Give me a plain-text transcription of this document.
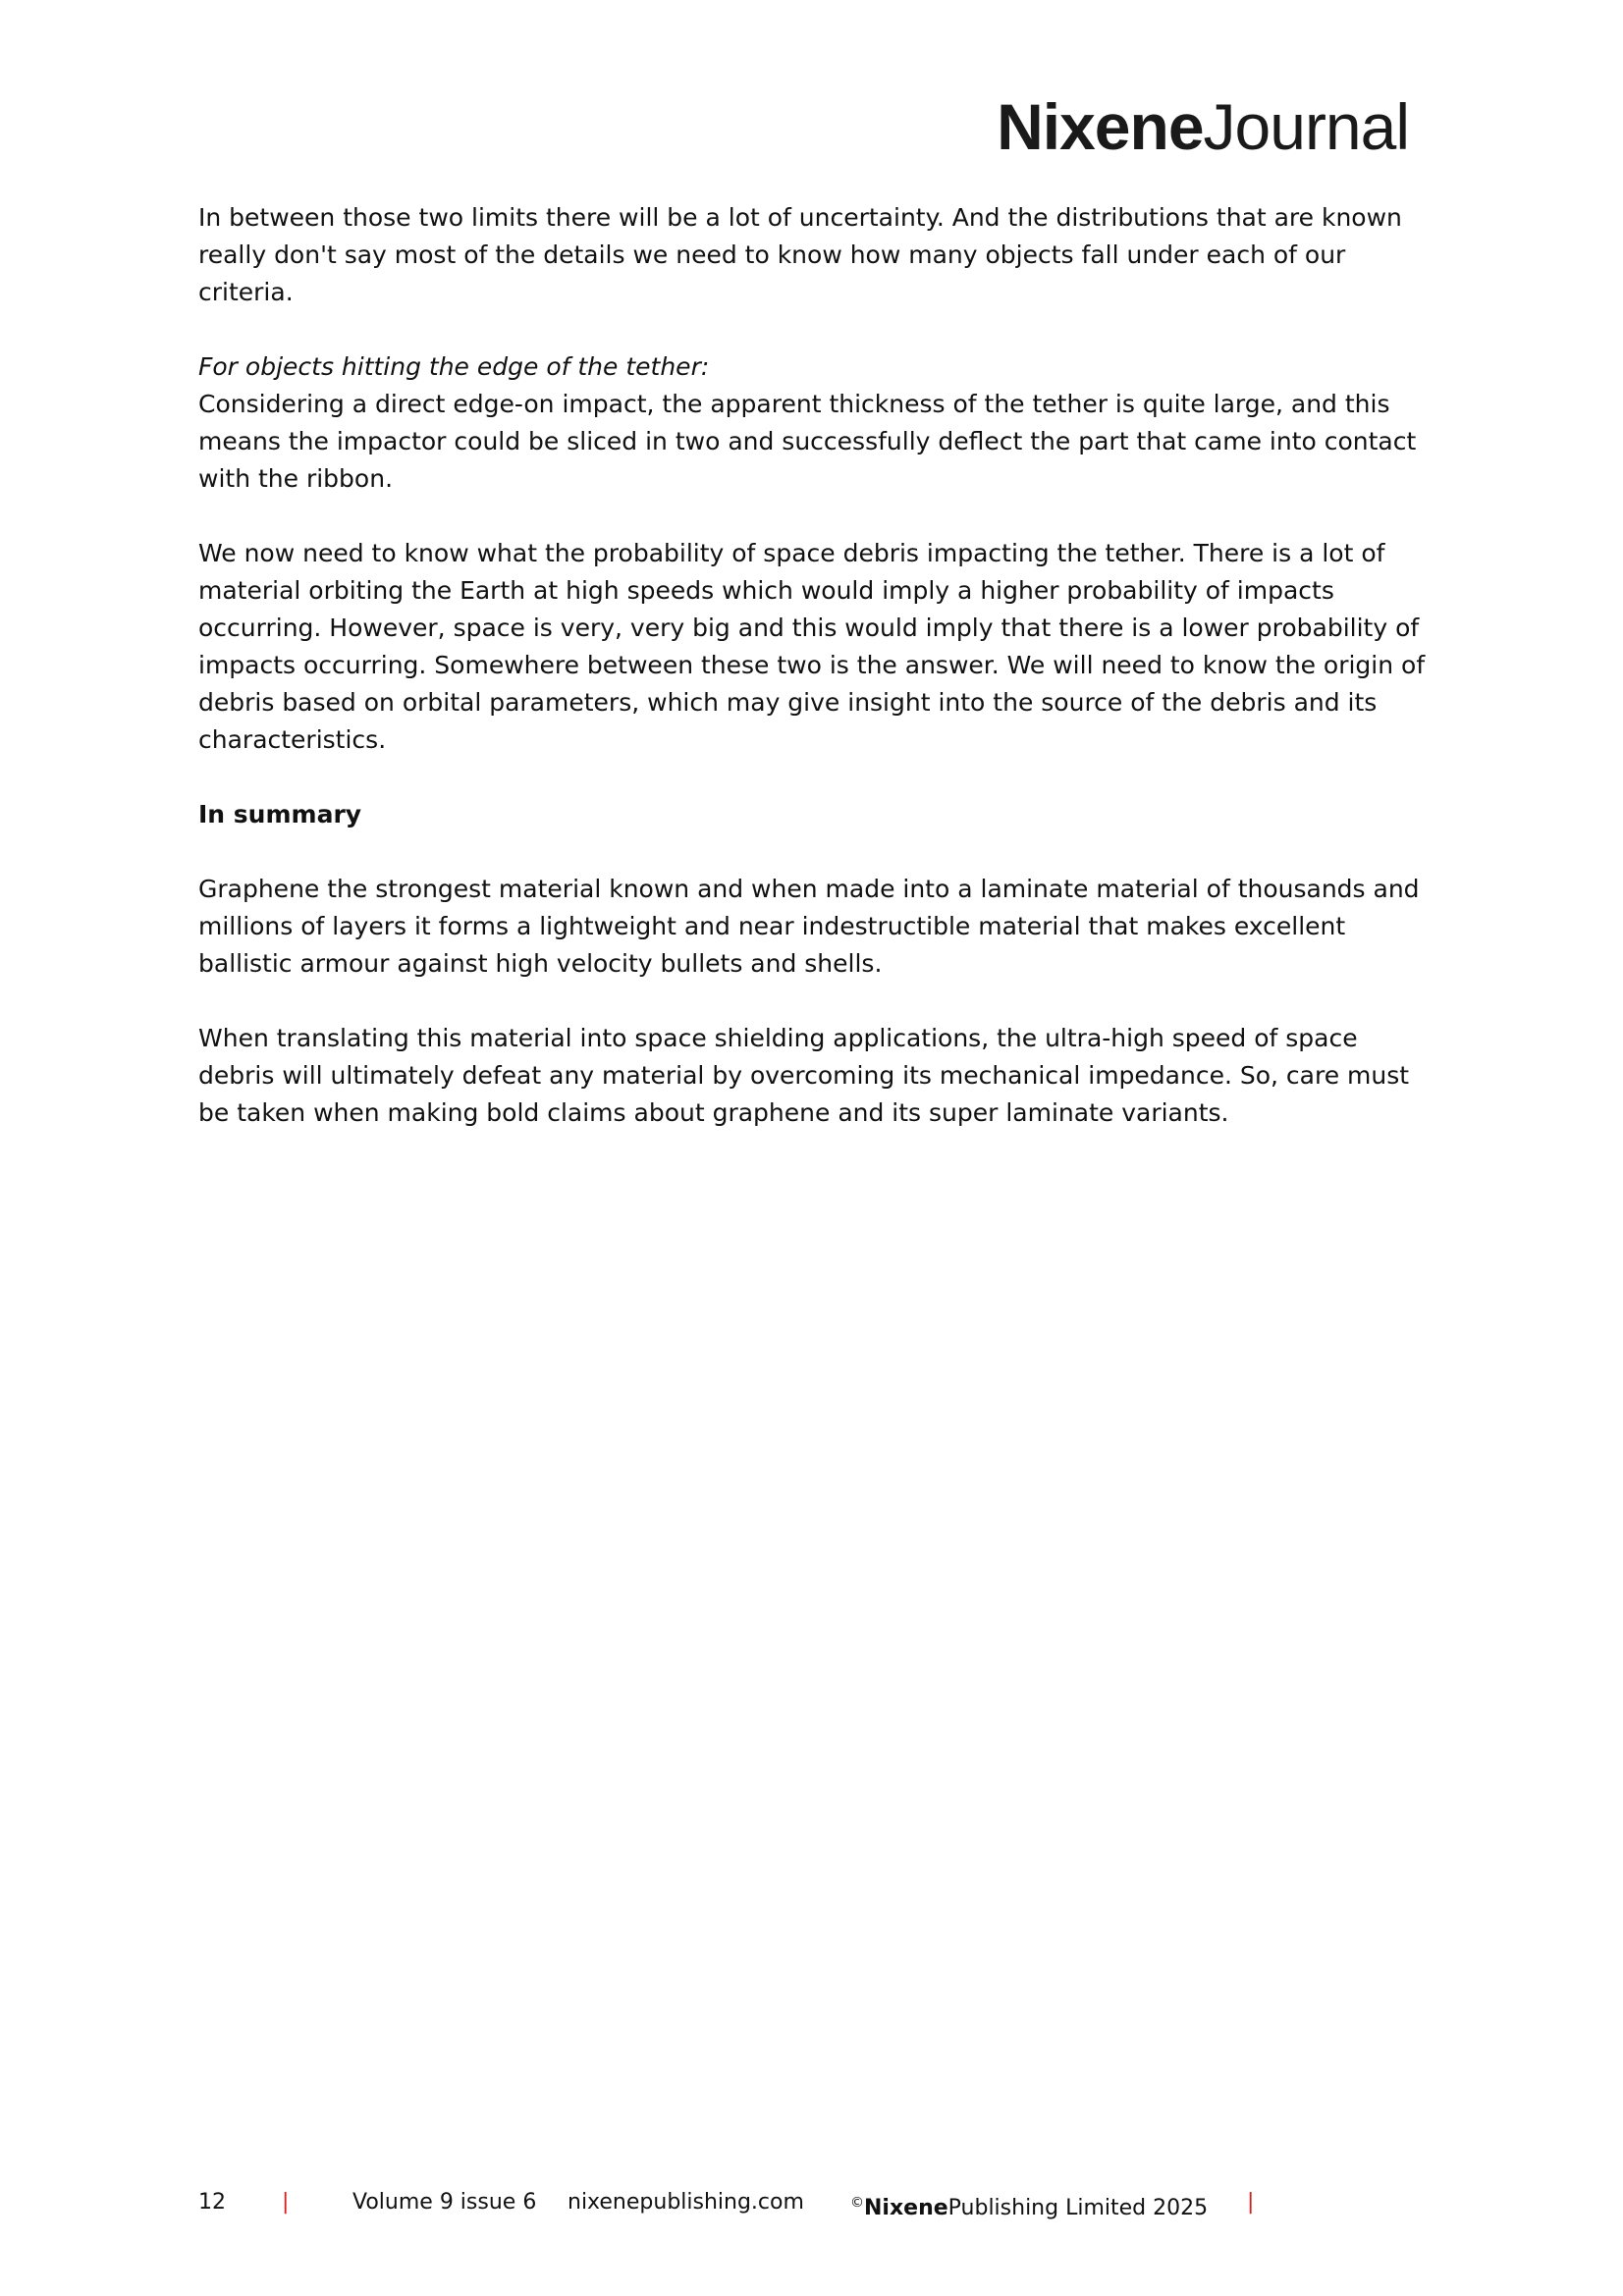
NixeneJournal

In between those two limits there will be a lot of uncertainty. And the distributions that are known really don't say most of the details we need to know how many objects fall under each of our criteria.

For objects hitting the edge of the tether:
Considering a direct edge-on impact, the apparent thickness of the tether is quite large, and this means the impactor could be sliced in two and successfully deflect the part that came into contact with the ribbon.

We now need to know what the probability of space debris impacting the tether. There is a lot of material orbiting the Earth at high speeds which would imply a higher probability of impacts occurring. However, space is very, very big and this would imply that there is a lower probability of impacts occurring. Somewhere between these two is the answer. We will need to know the origin of debris based on orbital parameters, which may give insight into the source of the debris and its characteristics.

In summary

Graphene the strongest material known and when made into a laminate material of thousands and millions of layers it forms a lightweight and near indestructible material that makes excellent ballistic armour against high velocity bullets and shells.

When translating this material into space shielding applications, the ultra-high speed of space debris will ultimately defeat any material by overcoming its mechanical impedance. So, care must be taken when making bold claims about graphene and its super laminate variants.

12	|	Volume 9 issue 6 nixenepublishing.com	©NixenePublishing Limited 2025 |
